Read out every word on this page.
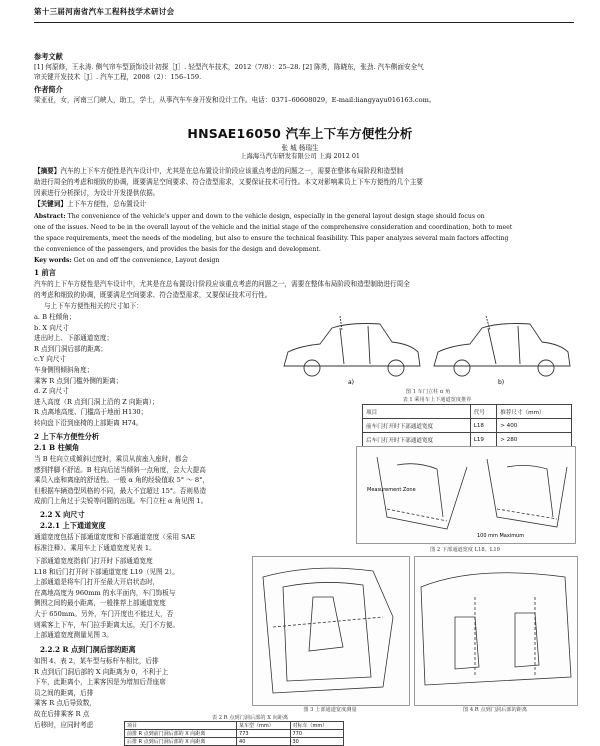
第十三届河南省汽车工程科技学术研讨会
参考文献
[1] 何原修，王永涛. 侧气帘车型顶饰设计初探［J］. 轻型汽车技术，2012（7/8）：25–28. [2] 陈勇，陈晓东，张劲. 汽车侧面安全气
帘关键开发技术［J］. 汽车工程，2008（2）：156–159.
作者简介
梁亚亚，女，河南三门峡人，助工，学士，从事汽车车身开发和设计工作。电话：0371–60608029，E-mail:liangyayu016163.com。
HNSAE16050 汽车上下车方便性分析
张 城 杨瑞生
上海海马汽车研发有限公司 上海 2012 01
【摘要】汽车的上下车方便性是汽车设计中，尤其是在总布置设计阶段应该重点考虑的问题之一，需要在整体布局阶段和造型制
助进行周全的考虑和细致的协调，既要满足空间要求、符合造型需求，又要保证技术可行性。本文对影响乘员上下车方便性的几个主要
因素进行分析探讨，为设计开发提供依据。
【关键词】上下车方便性，总布置设计
Abstract: The convenience of the vehicle's upper and down to the vehicle design, especially in the general layout design stage should focus on
one of the issues. Need to be in the overall layout of the vehicle and the initial stage of the comprehensive consideration and coordination, both to meet
the space requirements, meet the needs of the modeling, but also to ensure the technical feasibility. This paper analyzes several main factors affecting
the convenience of the passengers, and provides the basis for the design and development.
Key words: Get on and off the convenience, Layout design
1 前言
汽车的上下车方便性是汽车设计中，尤其是在总布置设计阶段应该重点考虑的问题之一，需要在整体布局阶段和造型制助进行周全
的考虑和细致的协调，既要满足空间要求、符合造型需求，又要保证技术可行性。
与上下车方便性相关的尺寸如下：
a. B 柱倾角；
b. X 向尺寸
进出时上、下部通道宽度；
R 点到门洞后部的距离；
c.Y 向尺寸
车身侧围倾斜角度；
乘客 R 点到门槛外侧的距离；
d. Z 向尺寸
进入高度（R 点到门洞上沿的 Z 向距离）；
R 点离地高度、门槛高于地面 H130；
转向盘下沿到座椅的上部距离 H74。
2 上下车方便性分析
2.1 B 柱倾角
当 B 柱向立成倾斜过度时，乘员从前座入座时，都会
感到拌脚不舒适。B 柱向后适当倾斜一点角度，会大大提高
乘员入座和离座的舒适性。一般 α 角的经验值取 5° ～ 8°，
但根据车辆造型风格的不同，最大不宜超过 15°。否则易造
成前门上角过于尖锐等问题的出现。车门立柱 α 角见图 1。
2.2 X 向尺寸
2.2.1 上下通道宽度
通道宽度包括下部通道宽度和下部通道宽度（采用 SAE
标准注释）。乘用车上下通道宽度见表 1。
下部通道宽度指前门打开时下部通道宽度
L18 和后门打开时下部通道宽度 L19（见图 2）。
上部通道是将车门打开至最大开启状态时，
在离地高度为 960mm 的水平面内，车门饰板与
侧围之间的最小距离，一般推荐上部通道宽度
大于 650mm。另外，车门开度也不能过大，否
则乘客上下车，车门拉手距离太远，关门不方便。
上部通道宽度测量见图 3。
2.2.2 R 点到门洞后部的距离
如图 4、表 2，某车型与标杆车相比，后排
R 点到后门洞后部的 X 向距离为 0，不利于上
下车，此距离小，上乘客因是为增加后背座席
员之间的距离，后排
乘客 R 点后导致数，
故在后排乘客 R 点
后移时，应同时考虑
a)	b)
图 1 车门立柱 α 角
表 1 乘用车上下通道宽度推荐
项目	代号	推荐尺寸（mm）
前车门打开时下部通道宽度	L18	> 400
后车门打开时下部通道宽度	L19	> 280
Measurement Zone
100 mm Maximum
图 2 下部通道宽度 L18、L19
图 3 上部通道宽度测量	图 4 R 点到门洞后部的距离
表 2 R 点到门洞后部的 X 向距离
项目	某车型（mm）	对标车（mm）
前排 R 点到前门洞后部的 X 向距离	773	770
后排 R 点到后门洞后部的 X 向距离	40	30
